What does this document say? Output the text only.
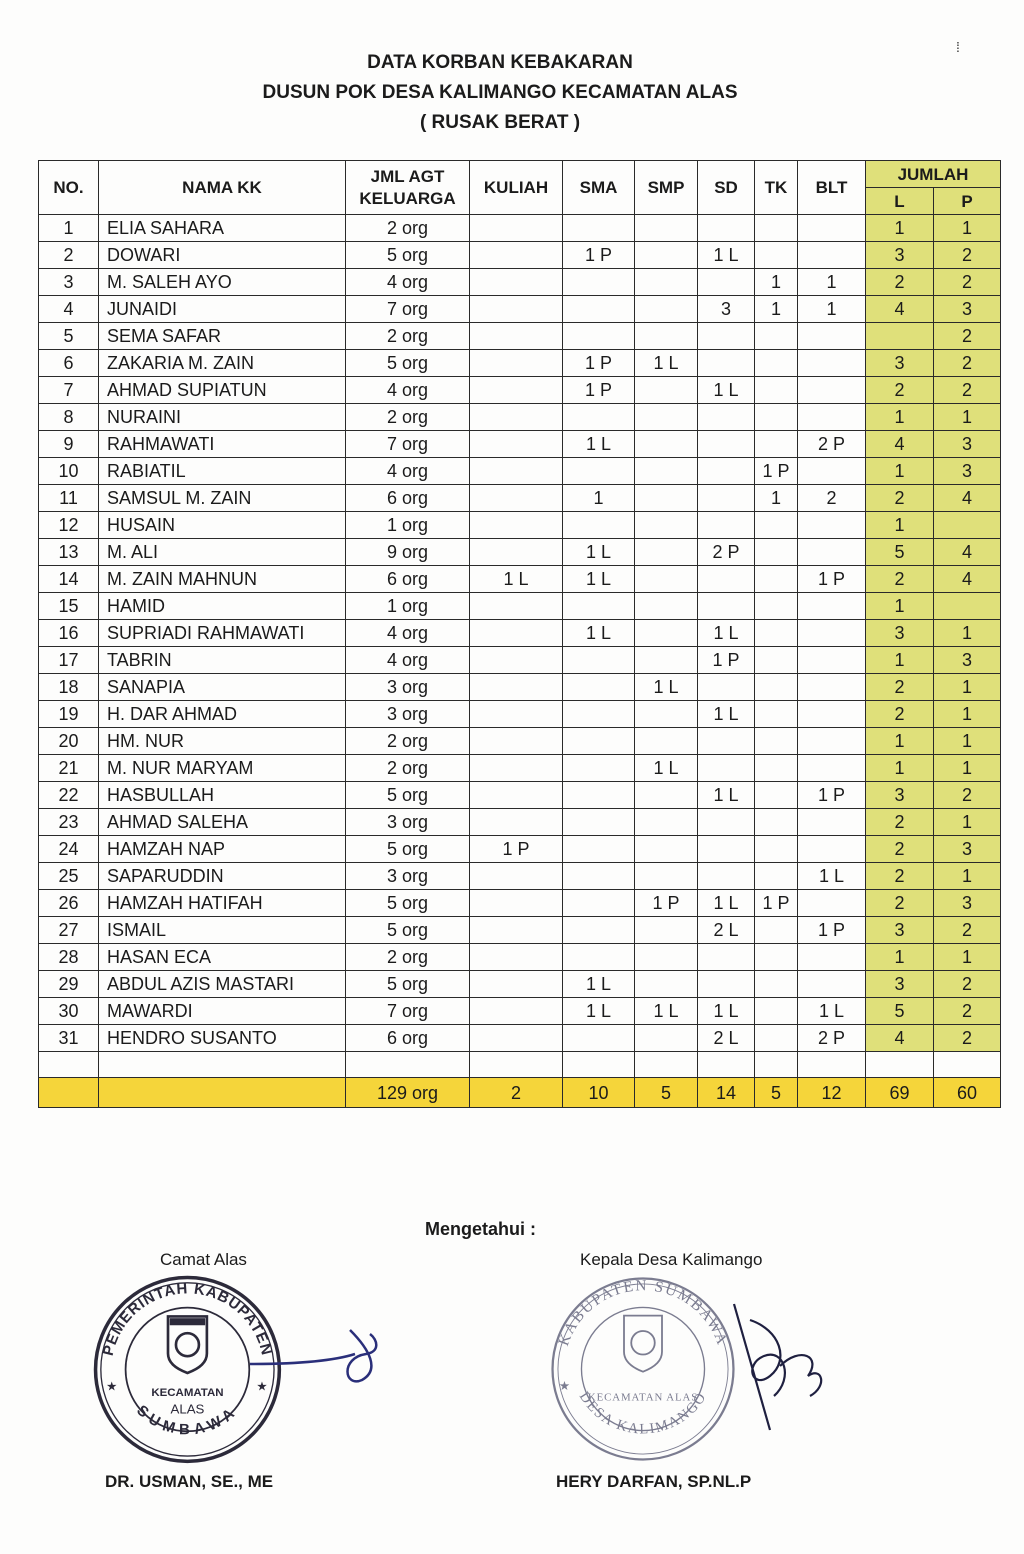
DATA KORBAN KEBAKARAN
DUSUN POK DESA KALIMANGO KECAMATAN ALAS
( RUSAK BERAT )
⁞
NO.	NAMA KK	JML AGT
KELUARGA	KULIAH	SMA	SMP	SD	TK	BLT	JUMLAH	
									L	P
1	ELIA SAHARA	2 org							1	1
2	DOWARI	5 org		1 P		1 L			3	2
3	M. SALEH AYO	4 org					1	1	2	2
4	JUNAIDI	7 org				3	1	1	4	3
5	SEMA SAFAR	2 org								2
6	ZAKARIA M. ZAIN	5 org		1 P	1 L				3	2
7	AHMAD SUPIATUN	4 org		1 P		1 L			2	2
8	NURAINI	2 org							1	1
9	RAHMAWATI	7 org		1 L				2 P	4	3
10	RABIATIL	4 org					1 P		1	3
11	SAMSUL M. ZAIN	6 org		1			1	2	2	4
12	HUSAIN	1 org							1	
13	M. ALI	9 org		1 L		2 P			5	4
14	M. ZAIN MAHNUN	6 org	1 L	1 L				1 P	2	4
15	HAMID	1 org							1	
16	SUPRIADI RAHMAWATI	4 org		1 L		1 L			3	1
17	TABRIN	4 org				1 P			1	3
18	SANAPIA	3 org			1 L				2	1
19	H. DAR AHMAD	3 org				1 L			2	1
20	HM. NUR	2 org							1	1
21	M. NUR MARYAM	2 org			1 L				1	1
22	HASBULLAH	5 org				1 L		1 P	3	2
23	AHMAD SALEHA	3 org							2	1
24	HAMZAH NAP	5 org	1 P						2	3
25	SAPARUDDIN	3 org						1 L	2	1
26	HAMZAH HATIFAH	5 org			1 P	1 L	1 P		2	3
27	ISMAIL	5 org				2 L		1 P	3	2
28	HASAN ECA	2 org							1	1
29	ABDUL AZIS MASTARI	5 org		1 L					3	2
30	MAWARDI	7 org		1 L	1 L	1 L		1 L	5	2
31	HENDRO SUSANTO	6 org				2 L		2 P	4	2

		129 org	2	10	5	14	5	12	69	60
Mengetahui :
Camat Alas
PEMERINTAH KABUPATEN
SUMBAWA
★	★
KECAMATAN
ALAS
DR. USMAN, SE., ME
Kepala Desa Kalimango
KABUPATEN SUMBAWA
DESA KALIMANGO
★
KECAMATAN ALAS
HERY DARFAN, SP.NL.P
